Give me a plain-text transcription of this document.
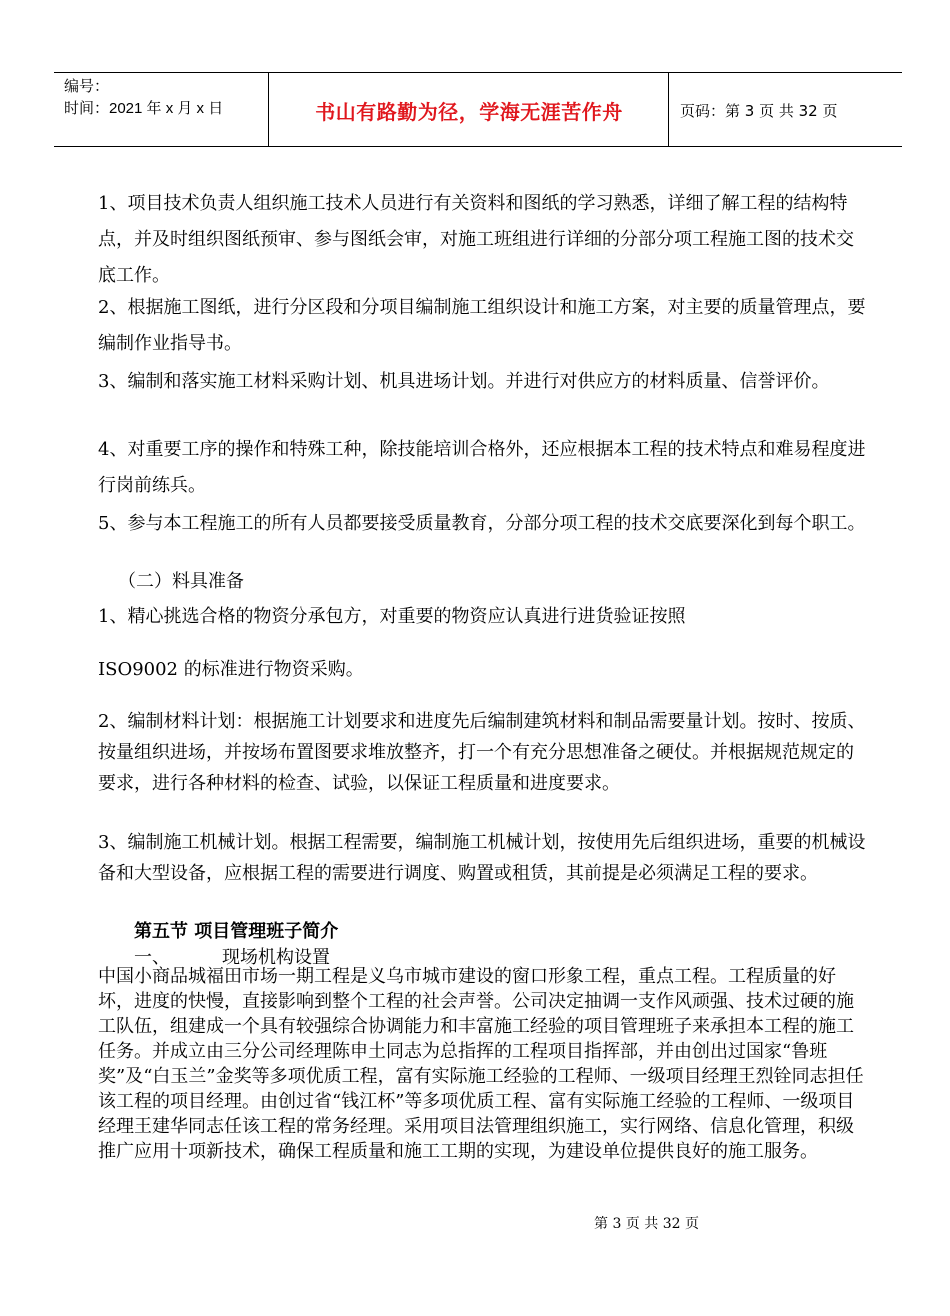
编号：
时间：2021 年 x 月 x 日	书山有路勤为径，学海无涯苦作舟	页码：第 3 页 共 32 页

1、项目技术负责人组织施工技术人员进行有关资料和图纸的学习熟悉，详细了解工程的结构特点，并及时组织图纸预审、参与图纸会审，对施工班组进行详细的分部分项工程施工图的技术交底工作。

2、根据施工图纸，进行分区段和分项目编制施工组织设计和施工方案，对主要的质量管理点，要编制作业指导书。

3、编制和落实施工材料采购计划、机具进场计划。并进行对供应方的材料质量、信誉评价。

4、对重要工序的操作和特殊工种，除技能培训合格外，还应根据本工程的技术特点和难易程度进行岗前练兵。

5、参与本工程施工的所有人员都要接受质量教育，分部分项工程的技术交底要深化到每个职工。

（二）料具准备

1、精心挑选合格的物资分承包方，对重要的物资应认真进行进货验证按照

ISO9002 的标准进行物资采购。

2、编制材料计划：根据施工计划要求和进度先后编制建筑材料和制品需要量计划。按时、按质、按量组织进场，并按场布置图要求堆放整齐，打一个有充分思想准备之硬仗。并根据规范规定的要求，进行各种材料的检查、试验，以保证工程质量和进度要求。

3、编制施工机械计划。根据工程需要，编制施工机械计划，按使用先后组织进场，重要的机械设备和大型设备，应根据工程的需要进行调度、购置或租赁，其前提是必须满足工程的要求。

第五节 项目管理班子简介
一、	现场机构设置

中国小商品城福田市场一期工程是义乌市城市建设的窗口形象工程，重点工程。工程质量的好坏，进度的快慢，直接影响到整个工程的社会声誉。公司决定抽调一支作风顽强、技术过硬的施工队伍，组建成一个具有较强综合协调能力和丰富施工经验的项目管理班子来承担本工程的施工任务。并成立由三分公司经理陈申土同志为总指挥的工程项目指挥部，并由创出过国家“鲁班奖”及“白玉兰”金奖等多项优质工程，富有实际施工经验的工程师、一级项目经理王烈铨同志担任该工程的项目经理。由创过省“钱江杯”等多项优质工程、富有实际施工经验的工程师、一级项目经理王建华同志任该工程的常务经理。采用项目法管理组织施工，实行网络、信息化管理，积级推广应用十项新技术，确保工程质量和施工工期的实现，为建设单位提供良好的施工服务。

第 3 页 共 32 页
